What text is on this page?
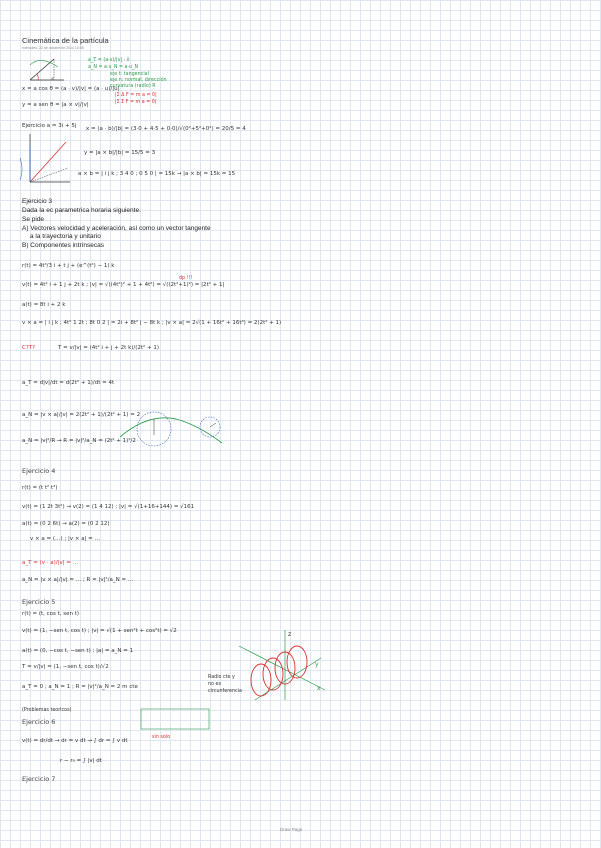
Cinemática de la partícula
miércoles, 22 de octubre de 2014 10:55
a_T = (a·v)/|v| · v̂
a_N = a·u_N = a·u_N
eje t: tangencial
eje n: normal, dirección
curvatura (radio) R
x = a cos θ = (a · v)/|v| = (a · u)/|u|
|Σ Δ F = m a = 0|
|Σ Σ F = m a = 0|
y = a sen θ = |a × v|/|v|
Ejercicio a = 3i + 5j x = (a · b)/|b| = (3·0 + 4·5 + 0·0)/√(0²+5²+0²) = 20/5 = 4
y = |a × b|/|b| = 15/5 = 3
a × b = | i j k ; 3 4 0 ; 0 5 0 | = 15k → |a × b| = 15k = 15
Ejercicio 3
Dada la ec parametrica horaria siguiente.
Se pide
A) Vectores velocidad y aceleración, así como un vector tangente
a la trayectoria y unitario
B) Componentes intrínsecas
dp !!!
r(t) = 4t³/3 i + t j + (e^(t²) − 1) k
v(t) = 4t² i + 1 j + 2t k ; |v| = √((4t²)² + 1 + 4t²) = √((2t²+1)²) = |2t² + 1|
a(t) = 8t i + 2 k
v × a = | i j k ; 4t² 1 2t ; 8t 0 2 | = 2i + 8t² j − 8t k ; |v × a| = 2√(1 + 16t² + 16t⁴) = 2(2t² + 1)
C?T?	T = v/|v| = (4t² i + j + 2t k)/(2t² + 1)
a_T = d|v|/dt = d(2t² + 1)/dt = 4t
a_N = |v × a|/|v| = 2(2t² + 1)/(2t² + 1) = 2
a_N = |v|²/R → R = |v|²/a_N = (2t² + 1)²/2
Ejercicio 4
r(t) = (t t² t³)
v(t) = (1 2t 3t²) → v(2) = (1 4 12) ; |v| = √(1+16+144) = √161
a(t) = (0 2 6t) → a(2) = (0 2 12)
v × a = (…) ; |v × a| = …
a_T = (v · a)/|v| = …
a_N = |v × a|/|v| = … ; R = |v|²/a_N = …
Ejercicio 5
r(t) = (t, cos t, sen t)
v(t) = (1, −sen t, cos t) ; |v| = √(1 + sen²t + cos²t) = √2
a(t) = (0, −cos t, −sen t) ; |a| = a_N = 1
T = v/|v| = (1, −sen t, cos t)/√2
a_T = 0 ; a_N = 1 ; R = |v|²/a_N = 2 m cte
Radio cte y no es circunferencia
z
y
x
(Problemas teoricos)
Ejercicio 6
v(t) = dr/dt → dr = v dt → ∫ dr = ∫ v dt
r − r₀ = ∫ |v| dt
sin solo
Ejercicio 7
Draw Page
